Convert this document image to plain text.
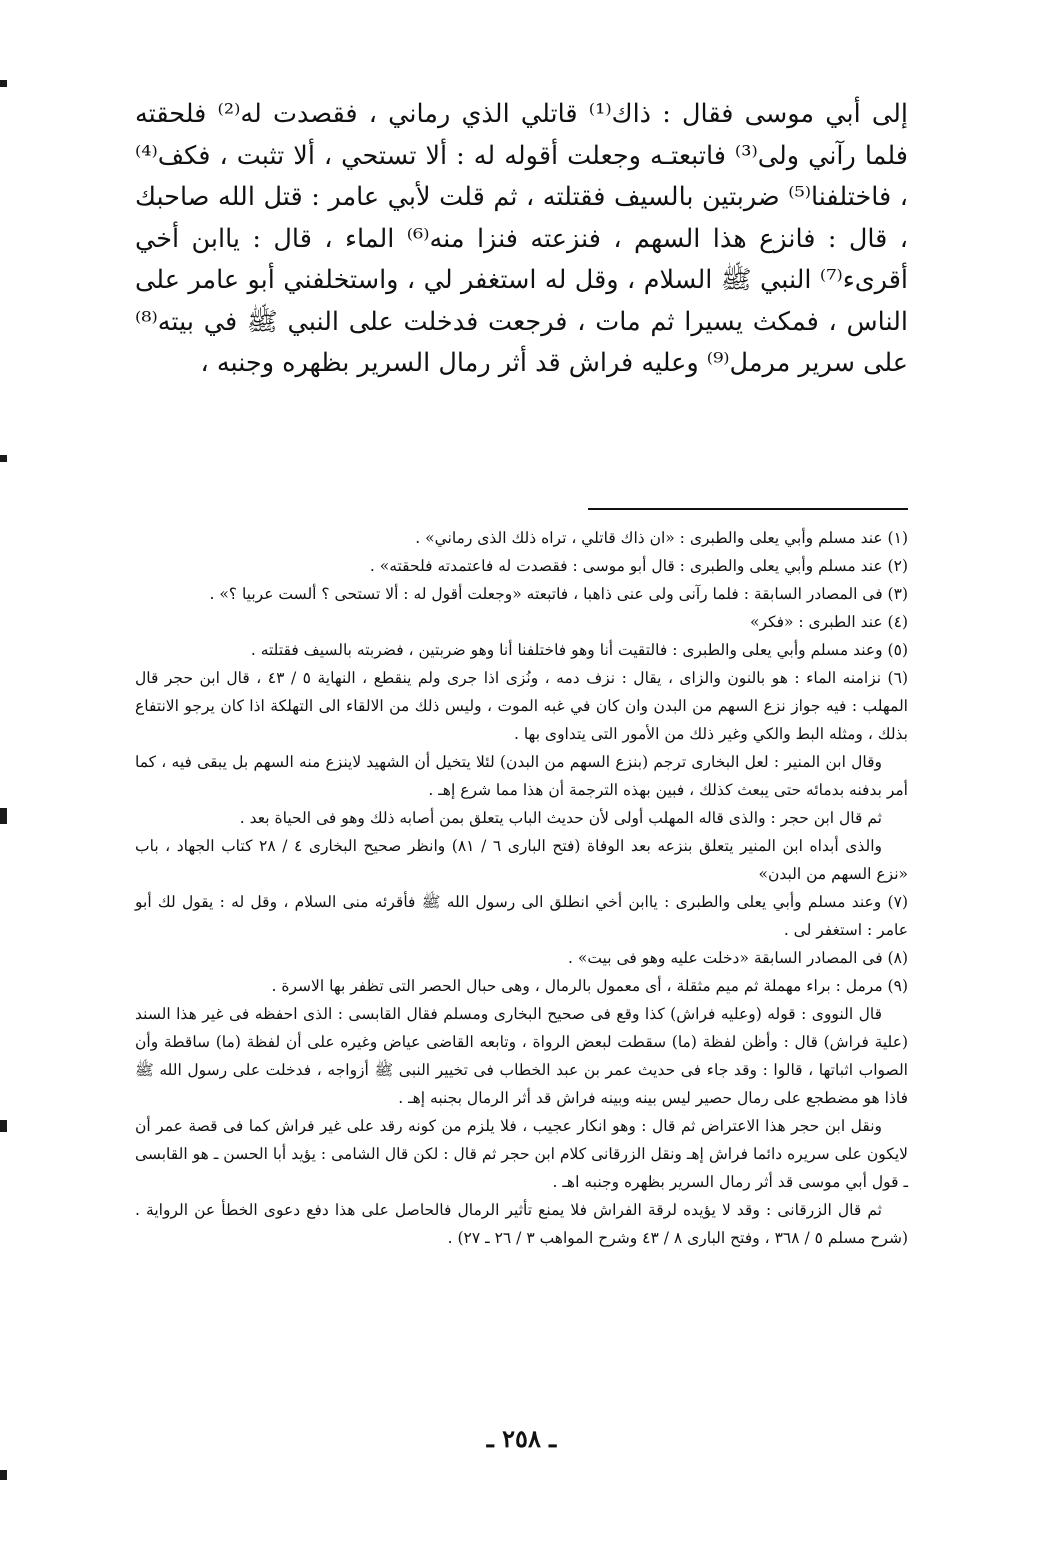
إلى أبي موسى فقال : ذاك⁽¹⁾ قاتلي الذي رماني ، فقصدت له⁽²⁾ فلحقته فلما رآني ولى⁽³⁾ فاتبعتـه وجعلت أقوله له : ألا تستحي ، ألا تثبت ، فكف⁽⁴⁾ ، فاختلفنا⁽⁵⁾ ضربتين بالسيف فقتلته ، ثم قلت لأبي عامر : قتل الله صاحبك ، قال : فانزع هذا السهم ، فنزعته فنزا منه⁽⁶⁾ الماء ، قال : ياابن أخي أقرىء⁽⁷⁾ النبي ﷺ السلام ، وقل له استغفر لي ، واستخلفني أبو عامر على الناس ، فمكث يسيرا ثم مات ، فرجعت فدخلت على النبي ﷺ في بيته⁽⁸⁾ على سرير مرمل⁽⁹⁾ وعليه فراش قد أثر رمال السرير بظهره وجنبه ،

(١) عند مسلم وأبي يعلى والطبرى : «ان ذاك قاتلي ، تراه ذلك الذى رماني» .

(٢) عند مسلم وأبي يعلى والطبرى : قال أبو موسى : فقصدت له فاعتمدته فلحقته» .

(٣) فى المصادر السابقة : فلما رآنى ولى عنى ذاهبا ، فاتبعته «وجعلت أقول له : ألا تستحى ؟ ألست عربيا ؟» .

(٤) عند الطبرى : «فكر»

(٥) وعند مسلم وأبي يعلى والطبرى : فالتقيت أنا وهو فاختلفنا أنا وهو ضربتين ، فضربته بالسيف فقتلته .

(٦) نزامنه الماء : هو بالنون والزاى ، يقال : نزف دمه ، ونُزى اذا جرى ولم ينقطع ، النهاية ٥ / ٤٣ ، قال ابن حجر قال المهلب : فيه جواز نزع السهم من البدن وان كان في غبه الموت ، وليس ذلك من الالقاء الى التهلكة اذا كان يرجو الانتفاع بذلك ، ومثله البط والكي وغير ذلك من الأمور التى يتداوى بها .

وقال ابن المنير : لعل البخارى ترجم (بنزع السهم من البدن) لئلا يتخيل أن الشهيد لاينزع منه السهم بل يبقى فيه ، كما أمر بدفنه بدمائه حتى يبعث كذلك ، فبين بهذه الترجمة أن هذا مما شرع إهـ .

ثم قال ابن حجر : والذى قاله المهلب أولى لأن حديث الباب يتعلق بمن أصابه ذلك وهو فى الحياة بعد .

والذى أبداه ابن المنير يتعلق بنزعه بعد الوفاة (فتح البارى ٦ / ٨١) وانظر صحيح البخارى ٤ / ٢٨ كتاب الجهاد ، باب «نزع السهم من البدن»

(٧) وعند مسلم وأبي يعلى والطبرى : ياابن أخي انطلق الى رسول الله ﷺ فأقرئه منى السلام ، وقل له : يقول لك أبو عامر : استغفر لى .

(٨) فى المصادر السابقة «دخلت عليه وهو فى بيت» .

(٩) مرمل : براء مهملة ثم ميم مثقلة ، أى معمول بالرمال ، وهى حبال الحصر التى تظفر بها الاسرة .

قال النووى : قوله (وعليه فراش) كذا وقع فى صحيح البخارى ومسلم فقال القابسى : الذى احفظه فى غير هذا السند (علية فراش) قال : وأظن لفظة (ما) سقطت لبعض الرواة ، وتابعه القاضى عياض وغيره على أن لفظة (ما) ساقطة وأن الصواب اثباتها ، قالوا : وقد جاء فى حديث عمر بن عبد الخطاب فى تخيير النبى ﷺ أزواجه ، فدخلت على رسول الله ﷺ فاذا هو مضطجع على رمال حصير ليس بينه وبينه فراش قد أثر الرمال بجنبه إهـ .

ونقل ابن حجر هذا الاعتراض ثم قال : وهو انكار عجيب ، فلا يلزم من كونه رقد على غير فراش كما فى قصة عمر أن لايكون على سريره دائما فراش إهـ ونقل الزرقانى كلام ابن حجر ثم قال : لكن قال الشامى : يؤيد أبا الحسن ـ هو القابسى ـ قول أبي موسى قد أثر رمال السرير بظهره وجنبه اهـ .

ثم قال الزرقانى : وقد لا يؤيده لرقة الفراش فلا يمنع تأثير الرمال فالحاصل على هذا دفع دعوى الخطأ عن الرواية . (شرح مسلم ٥ / ٣٦٨ ، وفتح البارى ٨ / ٤٣ وشرح المواهب ٣ / ٢٦ ـ ٢٧) .

ـ ٢٥٨ ـ
